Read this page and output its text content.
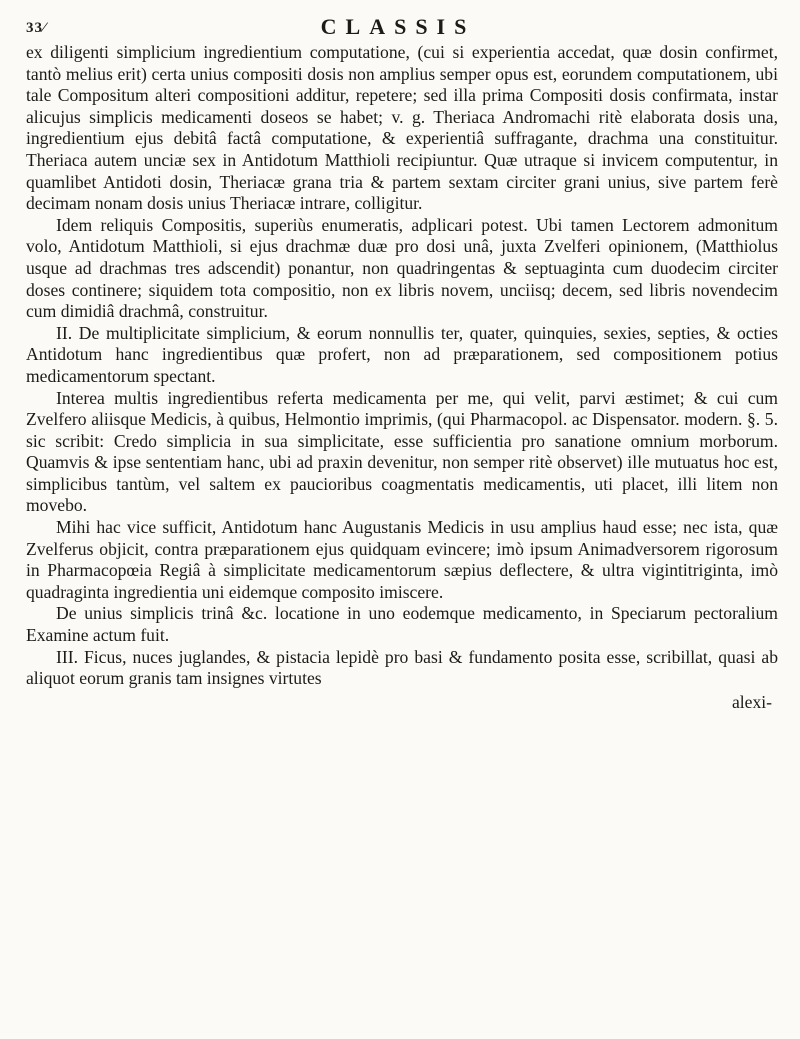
33⁄	CLASSIS

ex diligenti simplicium ingredientium computatione, (cui si experientia accedat, quæ dosin confirmet, tantò melius erit) certa unius compositi dosis non amplius semper opus est, eorundem computationem, ubi tale Compositum alteri compositioni additur, repetere; sed illa prima Compositi dosis confirmata, instar alicujus simplicis medicamenti doseos se habet; v. g. Theriaca Andromachi ritè elaborata dosis una, ingredientium ejus debitâ factâ computatione, & experientiâ suffragante, drachma una constituitur. Theriaca autem unciæ sex in Antidotum Matthioli recipiuntur. Quæ utraque si invicem computentur, in quamlibet Antidoti dosin, Theriacæ grana tria & partem sextam circiter grani unius, sive partem ferè decimam nonam dosis unius Theriacæ intrare, colligitur.

Idem reliquis Compositis, superiùs enumeratis, adplicari potest. Ubi tamen Lectorem admonitum volo, Antidotum Matthioli, si ejus drachmæ duæ pro dosi unâ, juxta Zvelferi opinionem, (Matthiolus usque ad drachmas tres adscendit) ponantur, non quadringentas & septuaginta cum duodecim circiter doses continere; siquidem tota compositio, non ex libris novem, unciisq; decem, sed libris novendecim cum dimidiâ drachmâ, construitur.

II. De multiplicitate simplicium, & eorum nonnullis ter, quater, quinquies, sexies, septies, & octies Antidotum hanc ingredientibus quæ profert, non ad præparationem, sed compositionem potius medicamentorum spectant.

Interea multis ingredientibus referta medicamenta per me, qui velit, parvi æstimet; & cui cum Zvelfero aliisque Medicis, à quibus, Helmontio imprimis, (qui Pharmacopol. ac Dispensator. modern. §. 5. sic scribit: Credo simplicia in sua simplicitate, esse sufficientia pro sanatione omnium morborum. Quamvis & ipse sententiam hanc, ubi ad praxin devenitur, non semper ritè observet) ille mutuatus hoc est, simplicibus tantùm, vel saltem ex paucioribus coagmentatis medicamentis, uti placet, illi litem non movebo.

Mihi hac vice sufficit, Antidotum hanc Augustanis Medicis in usu amplius haud esse; nec ista, quæ Zvelferus objicit, contra præparationem ejus quidquam evincere; imò ipsum Animadversorem rigorosum in Pharmacopœia Regiâ à simplicitate medicamentorum sæpius deflectere, & ultra vigintitriginta, imò quadraginta ingredientia uni eidemque composito imiscere.

De unius simplicis trinâ &c. locatione in uno eodemque medicamento, in Speciarum pectoralium Examine actum fuit.

III. Ficus, nuces juglandes, & pistacia lepidè pro basi & fundamento posita esse, scribillat, quasi ab aliquot eorum granis tam insignes virtutes

alexi-
